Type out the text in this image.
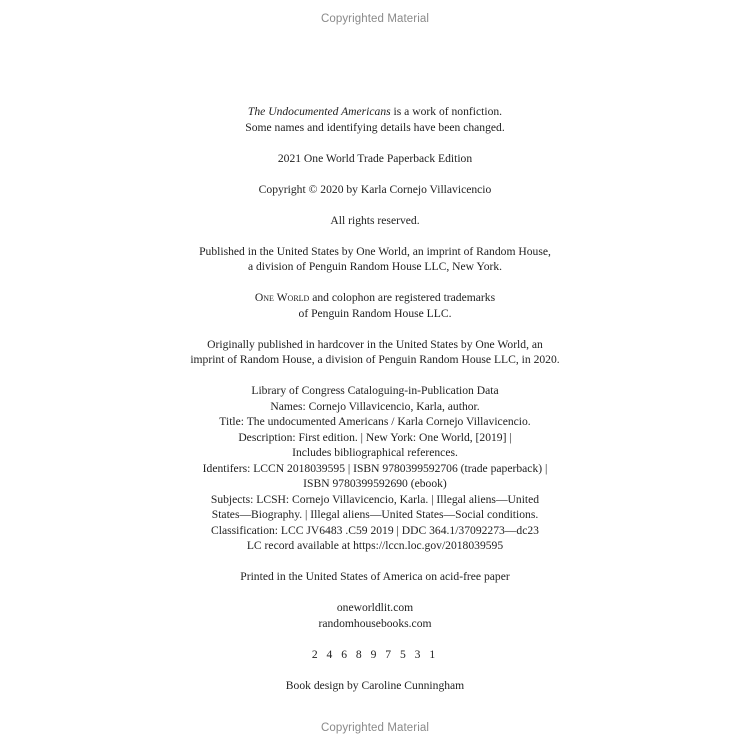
Copyrighted Material

The Undocumented Americans is a work of nonfiction.
Some names and identifying details have been changed.

2021 One World Trade Paperback Edition

Copyright © 2020 by Karla Cornejo Villavicencio

All rights reserved.

Published in the United States by One World, an imprint of Random House,
a division of Penguin Random House LLC, New York.

One World and colophon are registered trademarks
of Penguin Random House LLC.

Originally published in hardcover in the United States by One World, an
imprint of Random House, a division of Penguin Random House LLC, in 2020.

Library of Congress Cataloguing-in-Publication Data
Names: Cornejo Villavicencio, Karla, author.
Title: The undocumented Americans / Karla Cornejo Villavicencio.
Description: First edition. | New York: One World, [2019] |
Includes bibliographical references.
Identifers: LCCN 2018039595 | ISBN 9780399592706 (trade paperback) |
ISBN 9780399592690 (ebook)
Subjects: LCSH: Cornejo Villavicencio, Karla. | Illegal aliens—United
States—Biography. | Illegal aliens—United States—Social conditions.
Classification: LCC JV6483 .C59 2019 | DDC 364.1/37092273—dc23
LC record available at https://lccn.loc.gov/2018039595

Printed in the United States of America on acid-free paper

oneworldlit.com
randomhousebooks.com

2 4 6 8 9 7 5 3 1

Book design by Caroline Cunningham

Copyrighted Material
